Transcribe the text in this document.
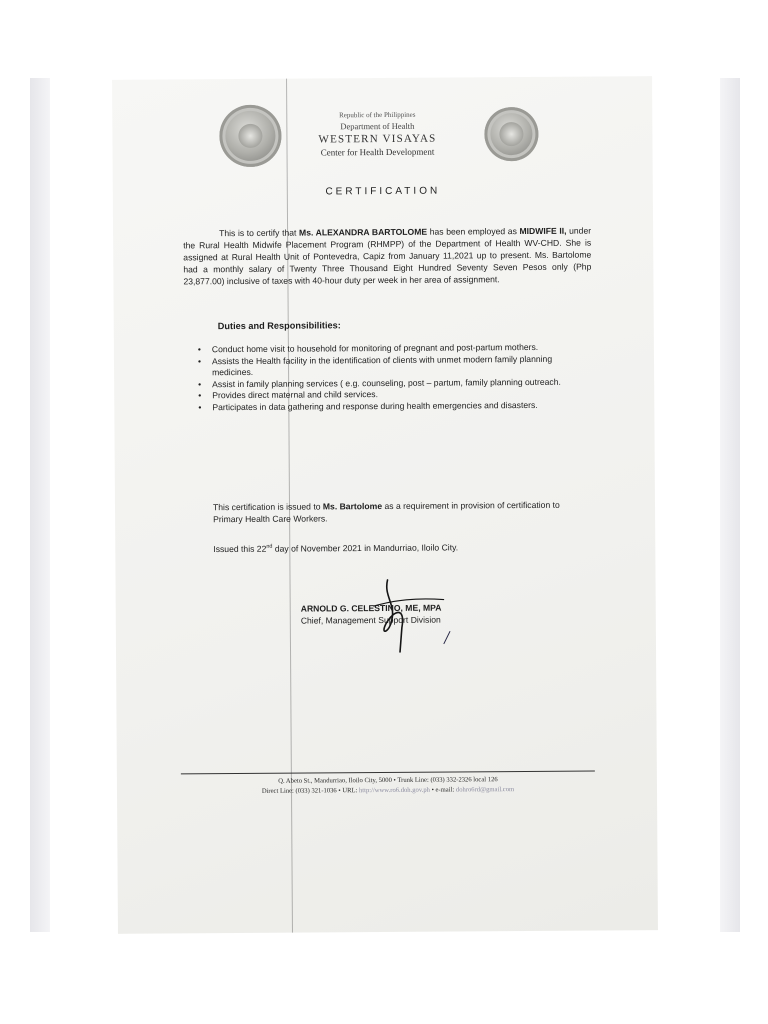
Republic of the Philippines
Department of Health
WESTERN VISAYAS
Center for Health Development
CERTIFICATION
This is to certify that Ms. ALEXANDRA BARTOLOME has been employed as MIDWIFE II, under the Rural Health Midwife Placement Program (RHMPP) of the Department of Health WV-CHD. She is assigned at Rural Health Unit of Pontevedra, Capiz from January 11,2021 up to present. Ms. Bartolome had a monthly salary of Twenty Three Thousand Eight Hundred Seventy Seven Pesos only (Php 23,877.00) inclusive of taxes with 40-hour duty per week in her area of assignment.
Duties and Responsibilities:
• Conduct home visit to household for monitoring of pregnant and post-partum mothers.
• Assists the Health facility in the identification of clients with unmet modern family planning medicines.
• Assist in family planning services ( e.g. counseling, post – partum, family planning outreach.
• Provides direct maternal and child services.
• Participates in data gathering and response during health emergencies and disasters.
This certification is issued to Ms. Bartolome as a requirement in provision of certification to Primary Health Care Workers.
Issued this 22nd day of November 2021 in Mandurriao, Iloilo City.
ARNOLD G. CELESTINO, ME, MPA
Chief, Management Support Division
Q. Abeto St., Mandurriao, Iloilo City, 5000 • Trunk Line: (033) 332-2326 local 126
Direct Line: (033) 321-1036 • URL: http://www.ro6.doh.gov.ph • e-mail: dohro6rd@gmail.com
